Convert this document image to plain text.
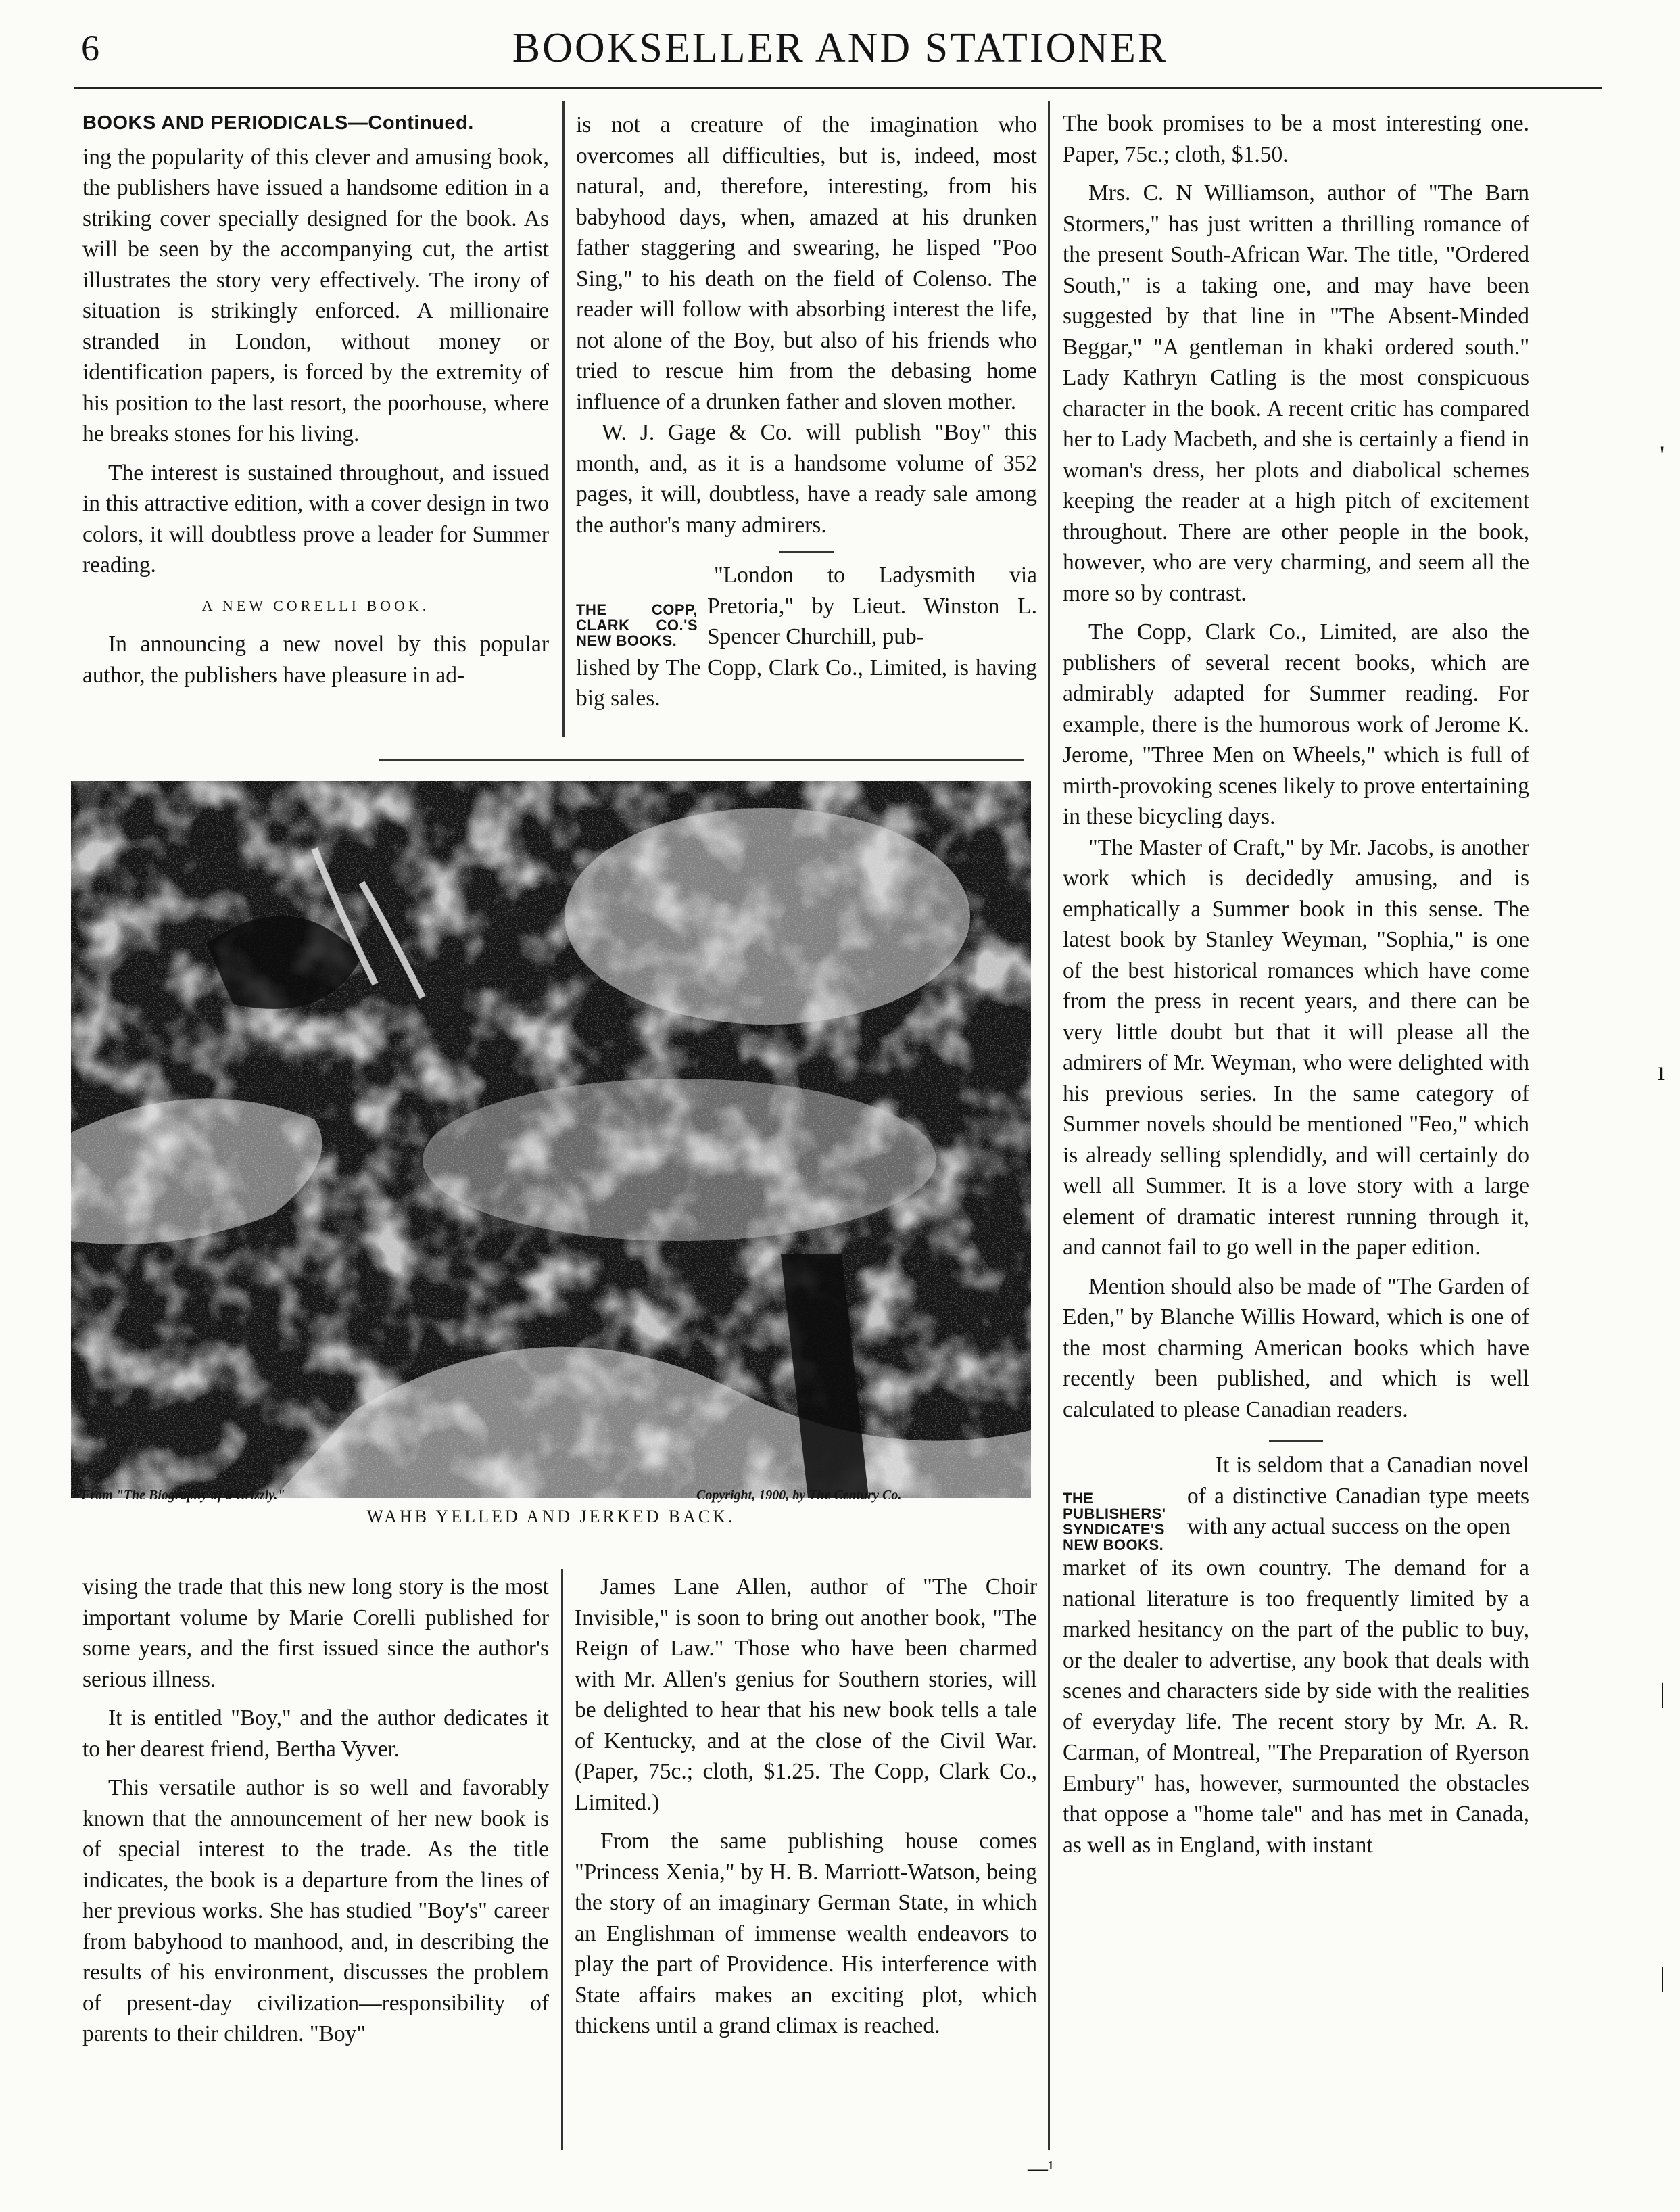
6	BOOKSELLER AND STATIONER
BOOKS AND PERIODICALS—Continued.

ing the popularity of this clever and amusing book, the publishers have issued a handsome edition in a striking cover specially designed for the book. As will be seen by the accompanying cut, the artist illustrates the story very effectively. The irony of situation is strikingly enforced. A millionaire stranded in London, without money or identification papers, is forced by the extremity of his position to the last resort, the poorhouse, where he breaks stones for his living.

The interest is sustained throughout, and issued in this attractive edition, with a cover design in two colors, it will doubtless prove a leader for Summer reading.

A NEW CORELLI BOOK.

In announcing a new novel by this popular author, the publishers have pleasure in ad-

is not a creature of the imagination who overcomes all difficulties, but is, indeed, most natural, and, therefore, interesting, from his babyhood days, when, amazed at his drunken father staggering and swearing, he lisped "Poo Sing," to his death on the field of Colenso. The reader will follow with absorbing interest the life, not alone of the Boy, but also of his friends who tried to rescue him from the debasing home influence of a drunken father and sloven mother.

W. J. Gage & Co. will publish "Boy" this month, and, as it is a handsome volume of 352 pages, it will, doubtless, have a ready sale among the author's many admirers.

THE COPP, CLARK CO.'S NEW BOOKS.

"London to Ladysmith via Pretoria," by Lieut. Winston L. Spencer Churchill, pub-

lished by The Copp, Clark Co., Limited, is having big sales.

From "The Biography of a Grizzly."	Copyright, 1900, by The Century Co.
WAHB YELLED AND JERKED BACK.

The book promises to be a most interesting one. Paper, 75c.; cloth, $1.50.

Mrs. C. N Williamson, author of "The Barn Stormers," has just written a thrilling romance of the present South-African War. The title, "Ordered South," is a taking one, and may have been suggested by that line in "The Absent-Minded Beggar," "A gentleman in khaki ordered south." Lady Kathryn Catling is the most conspicuous character in the book. A recent critic has compared her to Lady Macbeth, and she is certainly a fiend in woman's dress, her plots and diabolical schemes keeping the reader at a high pitch of excitement throughout. There are other people in the book, however, who are very charming, and seem all the more so by contrast.

The Copp, Clark Co., Limited, are also the publishers of several recent books, which are admirably adapted for Summer reading. For example, there is the humorous work of Jerome K. Jerome, "Three Men on Wheels," which is full of mirth-provoking scenes likely to prove entertaining in these bicycling days.

"The Master of Craft," by Mr. Jacobs, is another work which is decidedly amusing, and is emphatically a Summer book in this sense. The latest book by Stanley Weyman, "Sophia," is one of the best historical romances which have come from the press in recent years, and there can be very little doubt but that it will please all the admirers of Mr. Weyman, who were delighted with his previous series. In the same category of Summer novels should be mentioned "Feo," which is already selling splendidly, and will certainly do well all Summer. It is a love story with a large element of dramatic interest running through it, and cannot fail to go well in the paper edition.

Mention should also be made of "The Garden of Eden," by Blanche Willis Howard, which is one of the most charming American books which have recently been published, and which is well calculated to please Canadian readers.

THE PUBLISHERS' SYNDICATE'S NEW BOOKS.

It is seldom that a Canadian novel of a distinctive Canadian type meets with any actual success on the open

market of its own country. The demand for a national literature is too frequently limited by a marked hesitancy on the part of the public to buy, or the dealer to advertise, any book that deals with scenes and characters side by side with the realities of everyday life. The recent story by Mr. A. R. Carman, of Montreal, "The Preparation of Ryerson Embury" has, however, surmounted the obstacles that oppose a "home tale" and has met in Canada, as well as in England, with instant

vising the trade that this new long story is the most important volume by Marie Corelli published for some years, and the first issued since the author's serious illness.

It is entitled "Boy," and the author dedicates it to her dearest friend, Bertha Vyver.

This versatile author is so well and favorably known that the announcement of her new book is of special interest to the trade. As the title indicates, the book is a departure from the lines of her previous works. She has studied "Boy's" career from babyhood to manhood, and, in describing the results of his environment, discusses the problem of present-day civilization—responsibility of parents to their children. "Boy"

James Lane Allen, author of "The Choir Invisible," is soon to bring out another book, "The Reign of Law." Those who have been charmed with Mr. Allen's genius for Southern stories, will be delighted to hear that his new book tells a tale of Kentucky, and at the close of the Civil War. (Paper, 75c.; cloth, $1.25. The Copp, Clark Co., Limited.)

From the same publishing house comes "Princess Xenia," by H. B. Marriott-Watson, being the story of an imaginary German State, in which an Englishman of immense wealth endeavors to play the part of Providence. His interference with State affairs makes an exciting plot, which thickens until a grand climax is reached.

'
ı
|
|
—¹
